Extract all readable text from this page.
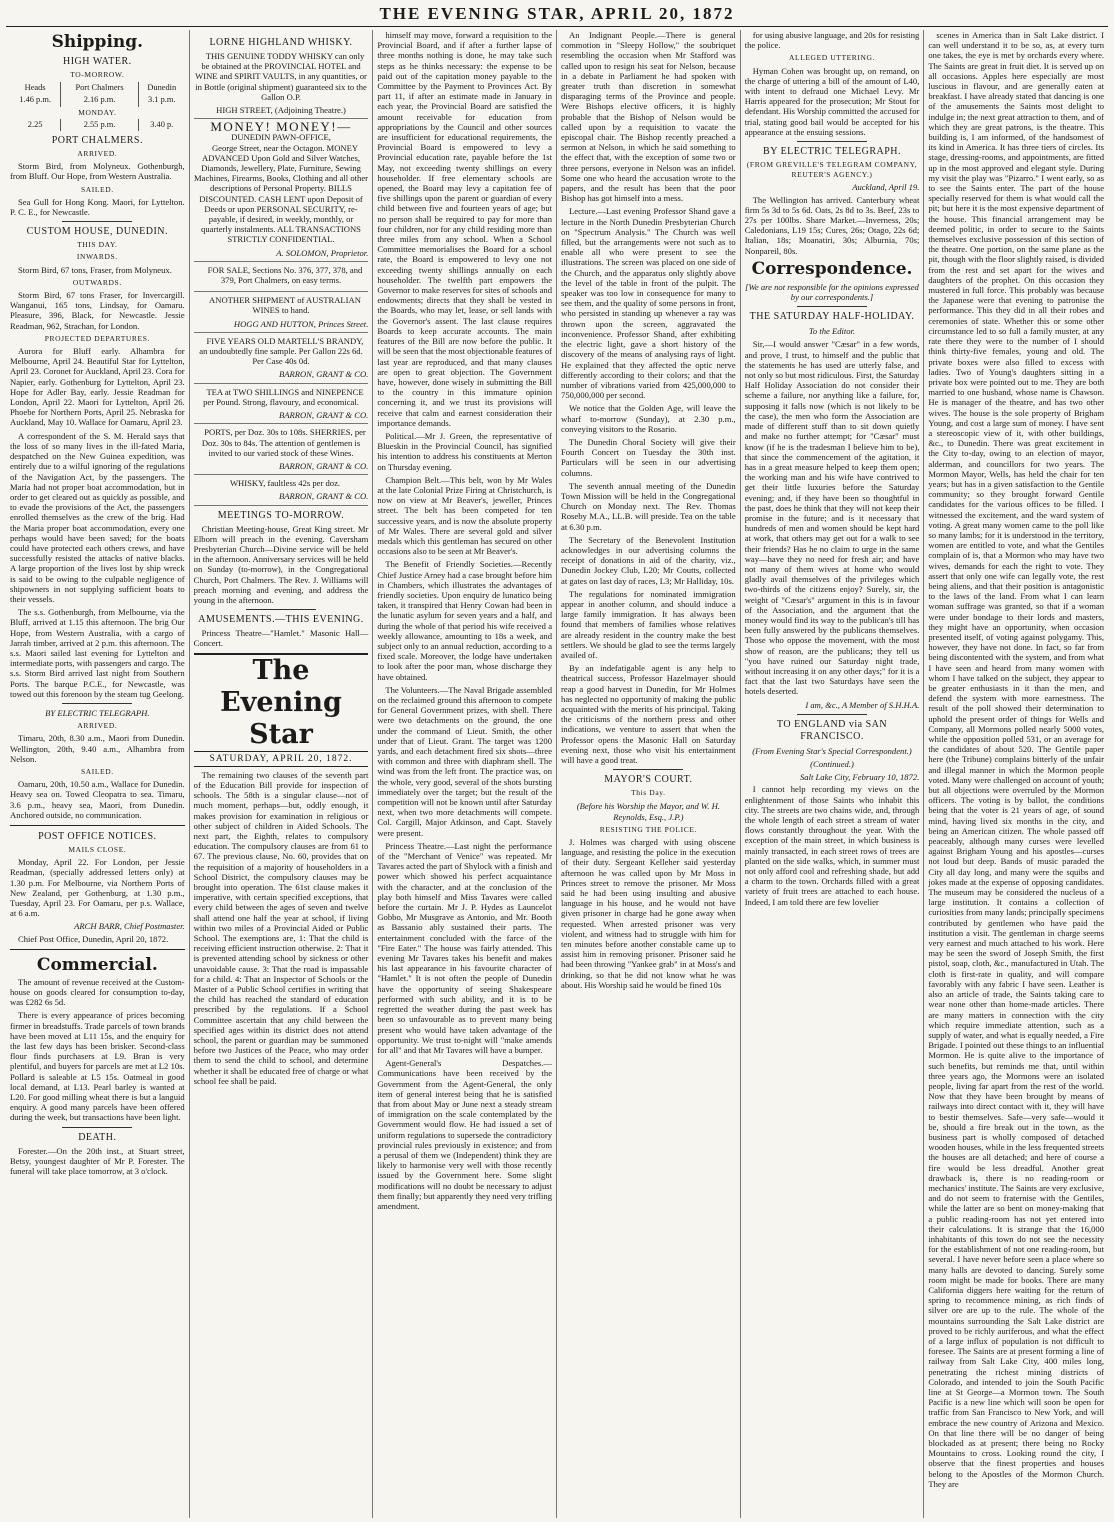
THE EVENING STAR, APRIL 20, 1872
Shipping.
HIGH WATER.
TO-MORROW.
Heads	Port Chalmers	Dunedin
1.46 p.m.	2.16 p.m.	3.1 p.m.
MONDAY.		
2.25	2.55 p.m.	3.40 p.
PORT CHALMERS.
ARRIVED.

Storm Bird, from Molyneux. Gothenburgh, from Bluff. Our Hope, from Western Australia.

SAILED.

Sea Gull for Hong Kong. Maori, for Lyttelton. P. C. E., for Newcastle.

CUSTOM HOUSE, DUNEDIN.
THIS DAY.
INWARDS.

Storm Bird, 67 tons, Fraser, from Molyneux.

OUTWARDS.

Storm Bird, 67 tons Fraser, for Invercargill. Wanganui, 165 tons, Lindsay, for Oamaru. Pleasure, 396, Black, for Newcastle. Jessie Readman, 962, Strachan, for London.

PROJECTED DEPARTURES.

Aurora for Bluff early. Alhambra for Melbourne, April 24. Beautiful Star for Lyttelton, April 23. Coronet for Auckland, April 23. Cora for Napier, early. Gothenburg for Lyttelton, April 23. Hope for Adler Bay, early. Jessie Readman for London, April 22. Maori for Lyttelton, April 26. Phoebe for Northern Ports, April 25. Nebraska for Auckland, May 10. Wallace for Oamaru, April 23.

A correspondent of the S. M. Herald says that the loss of so many lives in the ill-fated Maria, despatched on the New Guinea expedition, was entirely due to a wilful ignoring of the regulations of the Navigation Act, by the passengers. The Maria had not proper boat accommodation, but in order to get cleared out as quickly as possible, and to evade the provisions of the Act, the passengers enrolled themselves as the crew of the brig. Had the Maria proper boat accommodation, every one perhaps would have been saved; for the boats could have protected each others crews, and have successfully resisted the attacks of native blacks. A large proportion of the lives lost by ship wreck is said to be owing to the culpable negligence of shipowners in not supplying sufficient boats to their vessels.

The s.s. Gothenburgh, from Melbourne, via the Bluff, arrived at 1.15 this afternoon. The brig Our Hope, from Western Australia, with a cargo of Jarrah timber, arrived at 2 p.m. this afternoon. The s.s. Maori sailed last evening for Lyttelton and intermediate ports, with passengers and cargo. The s.s. Storm Bird arrived last night from Southern Ports. The barque P.C.E., for Newcastle, was towed out this forenoon by the steam tug Geelong.

BY ELECTRIC TELEGRAPH.
ARRIVED.

Timaru, 20th, 8.30 a.m., Maori from Dunedin. Wellington, 20th, 9.40 a.m., Alhambra from Nelson.

SAILED.

Oamaru, 20th, 10.50 a.m., Wallace for Dunedin. Heavy sea on. Towed Cleopatra to sea. Timaru, 3.6 p.m., heavy sea, Maori, from Dunedin. Anchored outside, no communication.

POST OFFICE NOTICES.
MAILS CLOSE.

Monday, April 22. For London, per Jessie Readman, (specially addressed letters only) at 1.30 p.m. For Melbourne, via Northern Ports of New Zealand, per Gothenburg, at 1.30 p.m., Tuesday, April 23. For Oamaru, per p.s. Wallace, at 6 a.m.

ARCH BARR, Chief Postmaster.

Chief Post Office, Dunedin, April 20, 1872.

Commercial.

The amount of revenue received at the Custom-house on goods cleared for consumption to-day, was £282 6s 5d.

There is every appearance of prices becoming firmer in breadstuffs. Trade parcels of town brands have been moved at L11 15s, and the enquiry for the last few days has been brisker. Second-class flour finds purchasers at L9. Bran is very plentiful, and buyers for parcels are met at L2 10s. Pollard is saleable at L5 15s. Oatmeal in good local demand, at L13. Pearl barley is wanted at L20. For good milling wheat there is but a languid enquiry. A good many parcels have been offered during the week, but transactions have been light.

DEATH.

Forester.—On the 20th inst., at Stuart street, Betsy, youngest daughter of Mr P. Forester. The funeral will take place tomorrow, at 3 o'clock.

LORNE HIGHLAND WHISKY.

THIS GENUINE TODDY WHISKY can only be obtained at the PROVINCIAL HOTEL and WINE and SPIRIT VAULTS, in any quantities, or in Bottle (original shipment) guaranteed six to the Gallon O.P.

HIGH STREET, (Adjoining Theatre.)
MONEY! MONEY!—
DUNEDIN PAWN-OFFICE,

George Street, near the Octagon. MONEY ADVANCED Upon Gold and Silver Watches, Diamonds, Jewellery, Plate, Furniture, Sewing Machines, Firearms, Books, Clothing and all other descriptions of Personal Property. BILLS DISCOUNTED. CASH LENT upon Deposit of Deeds or upon PERSONAL SECURITY, re-payable, if desired, in weekly, monthly, or quarterly instalments. ALL TRANSACTIONS STRICTLY CONFIDENTIAL.

A. SOLOMON, Proprietor.

FOR SALE, Sections No. 376, 377, 378, and 379, Port Chalmers, on easy terms.

ANOTHER SHIPMENT of AUSTRALIAN WINES to hand.

HOGG AND HUTTON, Princes Street.

FIVE YEARS OLD MARTELL'S BRANDY, an undoubtedly fine sample. Per Gallon 22s 6d. Per Case 40s 0d.

BARRON, GRANT & CO.

TEA at TWO SHILLINGS and NINEPENCE per Pound. Strong, flavoury, and economical.

BARRON, GRANT & CO.

PORTS, per Doz. 30s to 108s. SHERRIES, per Doz. 30s to 84s. The attention of gentlemen is invited to our varied stock of these Wines.

BARRON, GRANT & CO.

WHISKY, faultless 42s per doz.

BARRON, GRANT & CO.
MEETINGS TO-MORROW.

Christian Meeting-house, Great King street. Mr Elborn will preach in the evening. Caversham Presbyterian Church—Divine service will be held in the afternoon. Anniversary services will be held on Sunday (to-morrow), in the Congregational Church, Port Chalmers. The Rev. J. Williams will preach morning and evening, and address the young in the afternoon.

AMUSEMENTS.—THIS EVENING.

Princess Theatre—"Hamlet." Masonic Hall—Concert.

The Evening Star
SATURDAY, APRIL 20, 1872.

The remaining two clauses of the seventh part of the Education Bill provide for inspection of schools. The 58th is a singular clause—not of much moment, perhaps—but, oddly enough, it makes provision for examination in religious or other subject of children in Aided Schools. The next part, the Eighth, relates to compulsory education. The compulsory clauses are from 61 to 67. The previous clause, No. 60, provides that on the requisition of a majority of householders in a School District, the compulsory clauses may be brought into operation. The 61st clause makes it imperative, with certain specified exceptions, that every child between the ages of seven and twelve shall attend one half the year at school, if living within two miles of a Provincial Aided or Public School. The exemptions are, 1: That the child is receiving efficient instruction otherwise. 2: That it is prevented attending school by sickness or other unavoidable cause. 3: That the road is impassable for a child. 4: That an Inspector of Schools or the Master of a Public School certifies in writing that the child has reached the standard of education prescribed by the regulations. If a School Committee ascertain that any child between the specified ages within its district does not attend school, the parent or guardian may be summoned before two Justices of the Peace, who may order them to send the child to school, and determine whether it shall be educated free of charge or what school fee shall be paid.

himself may move, forward a requisition to the Provincial Board, and if after a further lapse of three months nothing is done, he may take such steps as he thinks necessary: the expense to be paid out of the capitation money payable to the Committee by the Payment to Provinces Act. By part 11, if after an estimate made in January in each year, the Provincial Board are satisfied the amount receivable for education from appropriations by the Council and other sources are insufficient for educational requirements, the Provincial Board is empowered to levy a Provincial education rate, payable before the 1st May, not exceeding twenty shillings on every householder. If free elementary schools are opened, the Board may levy a capitation fee of five shillings upon the parent or guardian of every child between five and fourteen years of age; but no person shall be required to pay for more than four children, nor for any child residing more than three miles from any school. When a School Committee memorialises the Board for a school rate, the Board is empowered to levy one not exceeding twenty shillings annually on each householder. The twelfth part empowers the Governor to make reserves for sites of schools and endowments; directs that they shall be vested in the Boards, who may let, lease, or sell lands with the Governor's assent. The last clause requires Boards to keep accurate accounts. The main features of the Bill are now before the public. It will be seen that the most objectionable features of last year are reproduced, and that many clauses are open to great objection. The Government have, however, done wisely in submitting the Bill to the country in this immature opinion concerning it, and we trust its provisions will receive that calm and earnest consideration their importance demands.

Political.—Mr J. Green, the representative of Blueskin in the Provincial Council, has signified his intention to address his constituents at Merton on Thursday evening.

Champion Belt.—This belt, won by Mr Wales at the late Colonial Prize Firing at Christchurch, is now on view at Mr Beaver's, jeweller, Princes street. The belt has been competed for ten successive years, and is now the absolute property of Mr Wales. There are several gold and silver medals which this gentleman has secured on other occasions also to be seen at Mr Beaver's.

The Benefit of Friendly Societies.—Recently Chief Justice Arney had a case brought before him in Chambers, which illustrates the advantages of friendly societies. Upon enquiry de lunatico being taken, it transpired that Henry Cowan had been in the lunatic asylum for seven years and a half, and during the whole of that period his wife received a weekly allowance, amounting to 18s a week, and subject only to an annual reduction, according to a fixed scale. Moreover, the lodge have undertaken to look after the poor man, whose discharge they have obtained.

The Volunteers.—The Naval Brigade assembled on the reclaimed ground this afternoon to compete for General Government prizes, with shell. There were two detachments on the ground, the one under the command of Lieut. Smith, the other under that of Lieut. Grant. The target was 1200 yards, and each detachment fired six shots—three with common and three with diaphram shell. The wind was from the left front. The practice was, on the whole, very good, several of the shots bursting immediately over the target; but the result of the competition will not be known until after Saturday next, when two more detachments will compete. Col. Cargill, Major Atkinson, and Capt. Stavely were present.

Princess Theatre.—Last night the performance of the "Merchant of Venice" was repeated. Mr Tavares acted the part of Shylock with a finish and power which showed his perfect acquaintance with the character, and at the conclusion of the play both himself and Miss Tavares were called before the curtain. Mr J. P. Hydes as Launcelot Gobbo, Mr Musgrave as Antonio, and Mr. Booth as Bassanio ably sustained their parts. The entertainment concluded with the farce of the "Fire Eater." The house was fairly attended. This evening Mr Tavares takes his benefit and makes his last appearance in his favourite character of "Hamlet." It is not often the people of Dunedin have the opportunity of seeing Shakespeare performed with such ability, and it is to be regretted the weather during the past week has been so unfavourable as to prevent many being present who would have taken advantage of the opportunity. We trust to-night will "make amends for all" and that Mr Tavares will have a bumper.

Agent-General's Despatches.—Communications have been received by the Government from the Agent-General, the only item of general interest being that he is satisfied that from about May or June next a steady stream of immigration on the scale contemplated by the Government would flow. He had issued a set of uniform regulations to supersede the contradictory provincial rules previously in existence; and from a perusal of them we (Independent) think they are likely to harmonise very well with those recently issued by the Government here. Some slight modifications will no doubt be necessary to adjust them finally; but apparently they need very trifling amendment.

An Indignant People.—There is general commotion in "Sleepy Hollow," the soubriquet resembling the occasion when Mr Stafford was called upon to resign his seat for Nelson, because in a debate in Parliament he had spoken with greater truth than discretion in somewhat disparaging terms of the Province and people. Were Bishops elective officers, it is highly probable that the Bishop of Nelson would be called upon by a requisition to vacate the episcopal chair. The Bishop recently preached a sermon at Nelson, in which he said something to the effect that, with the exception of some two or three persons, everyone in Nelson was an infidel. Some one who heard the accusation wrote to the papers, and the result has been that the poor Bishop has got himself into a mess.

Lecture.—Last evening Professor Shand gave a lecture in the North Dunedin Presbyterian Church on "Spectrum Analysis." The Church was well filled, but the arrangements were not such as to enable all who were present to see the illustrations. The screen was placed on one side of the Church, and the apparatus only slightly above the level of the table in front of the pulpit. The speaker was too low in consequence for many to see them, and the quality of some persons in front, who persisted in standing up whenever a ray was thrown upon the screen, aggravated the inconvenience. Professor Shand, after exhibiting the electric light, gave a short history of the discovery of the means of analysing rays of light. He explained that they affected the optic nerve differently according to their colors; and that the number of vibrations varied from 425,000,000 to 750,000,000 per second.

We notice that the Golden Age, will leave the wharf to-morrow (Sunday), at 2.30 p.m., conveying visitors to the Rosario.

The Dunedin Choral Society will give their Fourth Concert on Tuesday the 30th inst. Particulars will be seen in our advertising columns.

The seventh annual meeting of the Dunedin Town Mission will be held in the Congregational Church on Monday next. The Rev. Thomas Roseby M.A., LL.B. will preside. Tea on the table at 6.30 p.m.

The Secretary of the Benevolent Institution acknowledges in our advertising columns the receipt of donations in aid of the charity, viz., Dunedin Jockey Club, L20; Mr Coutts, collected at gates on last day of races, L3; Mr Halliday, 10s.

The regulations for nominated immigration appear in another column, and should induce a large family immigration. It has always been found that members of families whose relatives are already resident in the country make the best settlers. We should be glad to see the terms largely availed of.

By an indefatigable agent is any help to theatrical success, Professor Hazelmayer should reap a good harvest in Dunedin, for Mr Holmes has neglected no opportunity of making the public acquainted with the merits of his principal. Taking the criticisms of the northern press and other indications, we venture to assert that when the Professor opens the Masonic Hall on Saturday evening next, those who visit his entertainment will have a good treat.

MAYOR'S COURT.
This Day.
(Before his Worship the Mayor, and W. H. Reynolds, Esq., J.P.)
RESISTING THE POLICE.

J. Holmes was charged with using obscene language, and resisting the police in the execution of their duty. Sergeant Kelleher said yesterday afternoon he was called upon by Mr Moss in Princes street to remove the prisoner. Mr Moss said he had been using insulting and abusive language in his house, and he would not have given prisoner in charge had he gone away when requested. When arrested prisoner was very violent, and witness had to struggle with him for ten minutes before another constable came up to assist him in removing prisoner. Prisoner said he had been throwing "Yankee grab" in at Moss's and drinking, so that he did not know what he was about. His Worship said he would be fined 10s

for using abusive language, and 20s for resisting the police.

ALLEGED UTTERING.

Hyman Cohen was brought up, on remand, on the charge of uttering a bill of the amount of L40, with intent to defraud one Michael Levy. Mr Harris appeared for the prosecution; Mr Stout for defendant. His Worship committed the accused for trial, stating good bail would be accepted for his appearance at the ensuing sessions.

BY ELECTRIC TELEGRAPH.
(FROM GREVILLE'S TELEGRAM COMPANY, REUTER'S AGENCY.)
Auckland, April 19.

The Wellington has arrived. Canterbury wheat firm 5s 3d to 5s 6d. Oats, 2s 8d to 3s. Beef, 23s to 27s per 100lbs. Share Market.—Inverness, 20s; Caledonians, L19 15s; Cures, 26s; Otago, 22s 6d; Italian, 18s; Moanatiri, 30s; Alburnia, 70s; Nonpareil, 80s.

Correspondence.
[We are not responsible for the opinions expressed by our correspondents.]
THE SATURDAY HALF-HOLIDAY.
To the Editor.

Sir,—I would answer "Cæsar" in a few words, and prove, I trust, to himself and the public that the statements he has used are utterly false, and not only so but most ridiculous. First, the Saturday Half Holiday Association do not consider their scheme a failure, nor anything like a failure, for, supposing it falls now (which is not likely to be the case), the men who form the Association are made of different stuff than to sit down quietly and make no further attempt; for "Cæsar" must know (if he is the tradesman I believe him to be), that since the commencement of the agitation, it has in a great measure helped to keep them open; the working man and his wife have contrived to get their little luxuries before the Saturday evening; and, if they have been so thoughtful in the past, does he think that they will not keep their promise in the future; and is it necessary that hundreds of men and women should be kept hard at work, that others may get out for a walk to see their friends? Has he no claim to urge in the same way—have they no need for fresh air; and have not many of them wives at home who would gladly avail themselves of the privileges which two-thirds of the citizens enjoy? Surely, sir, the weight of "Cæsar's" argument in this is in favour of the Association, and the argument that the money would find its way to the publican's till has been fully answered by the publicans themselves. Those who oppose the movement, with the most show of reason, are the publicans; they tell us "you have ruined our Saturday night trade, without increasing it on any other days;" for it is a fact that the last two Saturdays have seen the hotels deserted.

I am, &c., A Member of S.H.H.A.
TO ENGLAND via SAN FRANCISCO.
(From Evening Star's Special Correspondent.)
(Continued.)
Salt Lake City, February 10, 1872.

I cannot help recording my views on the enlightenment of those Saints who inhabit this city. The streets are two chains wide, and, through the whole length of each street a stream of water flows constantly throughout the year. With the exception of the main street, in which business is mainly transacted, in each street rows of trees are planted on the side walks, which, in summer must not only afford cool and refreshing shade, but add a charm to the town. Orchards filled with a great variety of fruit trees are attached to each house. Indeed, I am told there are few lovelier

scenes in America than in Salt Lake district. I can well understand it to be so, as, at every turn one takes, the eye is met by orchards every where. The Saints are great in fruit diet. It is served up on all occasions. Apples here especially are most luscious in flavour, and are generally eaten at breakfast. I have already stated that dancing is one of the amusements the Saints most delight to indulge in; the next great attraction to them, and of which they are great patrons, is the theatre. This building is, I am informed, of the handsomest of its kind in America. It has three tiers of circles. Its stage, dressing-rooms, and appointments, are fitted up in the most approved and elegant style. During my visit the play was "Pizarro." I went early, so as to see the Saints enter. The part of the house specially reserved for them is what would call the pit; but here it is the most expensive department of the house. This financial arrangement may be deemed politic, in order to secure to the Saints themselves exclusive possession of this section of the theatre. One portion, on the same plane as the pit, though with the floor slightly raised, is divided from the rest and set apart for the wives and daughters of the prophet. On this occasion they mustered in full force. This probably was because the Japanese were that evening to patronise the performance. This they did in all their robes and ceremonies of state. Whether this or some other circumstance led to so full a family muster, at any rate there they were to the number of I should think thirty-five females, young and old. The private boxes were also filled to excess with ladies. Two of Young's daughters sitting in a private box were pointed out to me. They are both married to one husband, whose name is Chawson. He is manager of the theatre, and has two other wives. The house is the sole property of Brigham Young, and cost a large sum of money. I have sent a stereoscopic view of it, with other buildings, &c., to Dunedin. There was great excitement in the City to-day, owing to an election of mayor, alderman, and councillors for two years. The Mormon Mayor, Wells, has held the chair for ten years; but has in a given satisfaction to the Gentile community; so they brought forward Gentile candidates for the various offices to be filled. I witnessed the excitement, and the ward system of voting. A great many women came to the poll like so many lambs; for it is understood in the territory, women are entitled to vote, and what the Gentiles complain of is, that a Mormon who may have two wives, demands for each the right to vote. They assert that only one wife can legally vote, the rest being aliens, and that their position is antagonistic to the laws of the land. From what I can learn woman suffrage was granted, so that if a woman were under bondage to their lords and masters, they might have an opportunity, when occasion presented itself, of voting against polygamy. This, however, they have not done. In fact, so far from being discontented with the system, and from what I have seen and heard from many women with whom I have talked on the subject, they appear to be greater enthusiasts in it than the men, and defend the system with more earnestness. The result of the poll showed their determination to uphold the present order of things for Wells and Company, all Mormons polled nearly 5000 votes, while the opposition polled 531, or an average for the candidates of about 520. The Gentile paper here (the Tribune) complains bitterly of the unfair and illegal manner in which the Mormon people voted. Many were challenged on account of youth; but all objections were overruled by the Mormon officers. The voting is by ballot, the conditions being that the voter is 21 years of age, of sound mind, having lived six months in the city, and being an American citizen. The whole passed off peaceably, although many curses were levelled against Brigham Young and his apostles—curses not loud but deep. Bands of music paraded the City all day long, and many were the squibs and jokes made at the expense of opposing candidates. The museum may be considered the nucleus of a large institution. It contains a collection of curiosities from many lands; principally specimens contributed by gentlemen who have paid the institution a visit. The gentleman in charge seems very earnest and much attached to his work. Here may be seen the sword of Joseph Smith, the first pistol, soap, cloth, &c., manufactured in Utah. The cloth is first-rate in quality, and will compare favorably with any fabric I have seen. Leather is also an article of trade, the Saints taking care to wear none other than home-made articles. There are many matters in connection with the city which require immediate attention, such as a supply of water, and what is equally needed, a Fire Brigade. I pointed out these things to an influential Mormon. He is quite alive to the importance of such benefits, but reminds me that, until within three years ago, the Mormons were an isolated people, living far apart from the rest of the world. Now that they have been brought by means of railways into direct contact with it, they will have to bestir themselves. Safe—very safe—would it be, should a fire break out in the town, as the business part is wholly composed of detached wooden houses, while in the less frequented streets the houses are all detached; and here of course a fire would be less dreadful. Another great drawback is, there is no reading-room or mechanics' institute. The Saints are very exclusive, and do not seem to fraternise with the Gentiles, while the latter are so bent on money-making that a public reading-room has not yet entered into their calculations. It is strange that the 16,000 inhabitants of this town do not see the necessity for the establishment of not one reading-room, but several. I have never before seen a place where so many halls are devoted to dancing. Surely some room might be made for books. There are many California diggers here waiting for the return of spring to recommence mining, as rich finds of silver ore are up to the rule. The whole of the mountains surrounding the Salt Lake district are proved to be richly auriferous, and what the effect of a large influx of population is not difficult to foresee. The Saints are at present forming a line of railway from Salt Lake City, 400 miles long, penetrating the richest mining districts of Colorado, and intended to join the South Pacific line at St George—a Mormon town. The South Pacific is a new line which will soon be open for traffic from San Francisco to New York, and will embrace the new country of Arizona and Mexico. On that line there will be no danger of being blockaded as at present; there being no Rocky Mountains to cross. Looking round the city, I observe that the finest properties and houses belong to the Apostles of the Mormon Church. They are
